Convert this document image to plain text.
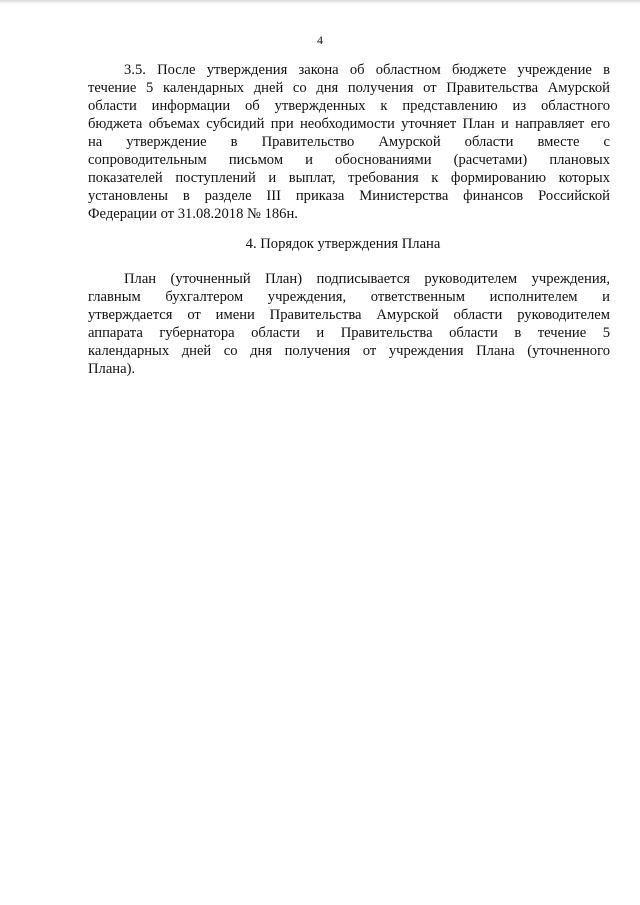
4
3.5. После утверждения закона об областном бюджете учреждение в
течение 5 календарных дней со дня получения от Правительства Амурской
области информации об утвержденных к представлению из областного
бюджета объемах субсидий при необходимости уточняет План и направляет его
на утверждение в Правительство Амурской области вместе с
сопроводительным письмом и обоснованиями (расчетами) плановых
показателей поступлений и выплат, требования к формированию которых
установлены в разделе III приказа Министерства финансов Российской
Федерации от 31.08.2018 № 186н.
4. Порядок утверждения Плана
План (уточненный План) подписывается руководителем учреждения,
главным бухгалтером учреждения, ответственным исполнителем и
утверждается от имени Правительства Амурской области руководителем
аппарата губернатора области и Правительства области в течение 5
календарных дней со дня получения от учреждения Плана (уточненного
Плана).
